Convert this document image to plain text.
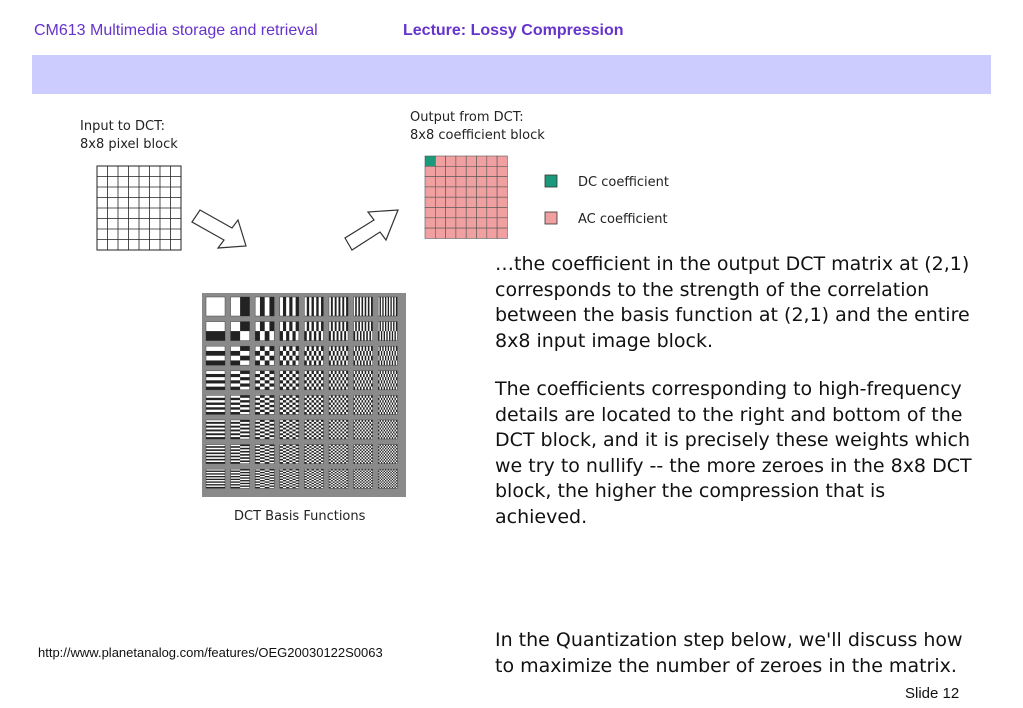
CM613 Multimedia storage and retrieval	Lecture: Lossy Compression
Input to DCT:
8x8 pixel block
Output from DCT:
8x8 coefficient block
DC coefficient
AC coefficient
DCT Basis Functions

…the coefficient in the output DCT matrix at (2,1) corresponds to the strength of the correlation between the basis function at (2,1) and the entire 8x8 input image block.

The coefficients corresponding to high-frequency details are located to the right and bottom of the DCT block, and it is precisely these weights which we try to nullify -- the more zeroes in the 8x8 DCT block, the higher the compression that is achieved.

In the Quantization step below, we'll discuss how to maximize the number of zeroes in the matrix.

http://www.planetanalog.com/features/OEG20030122S0063
Slide 12
